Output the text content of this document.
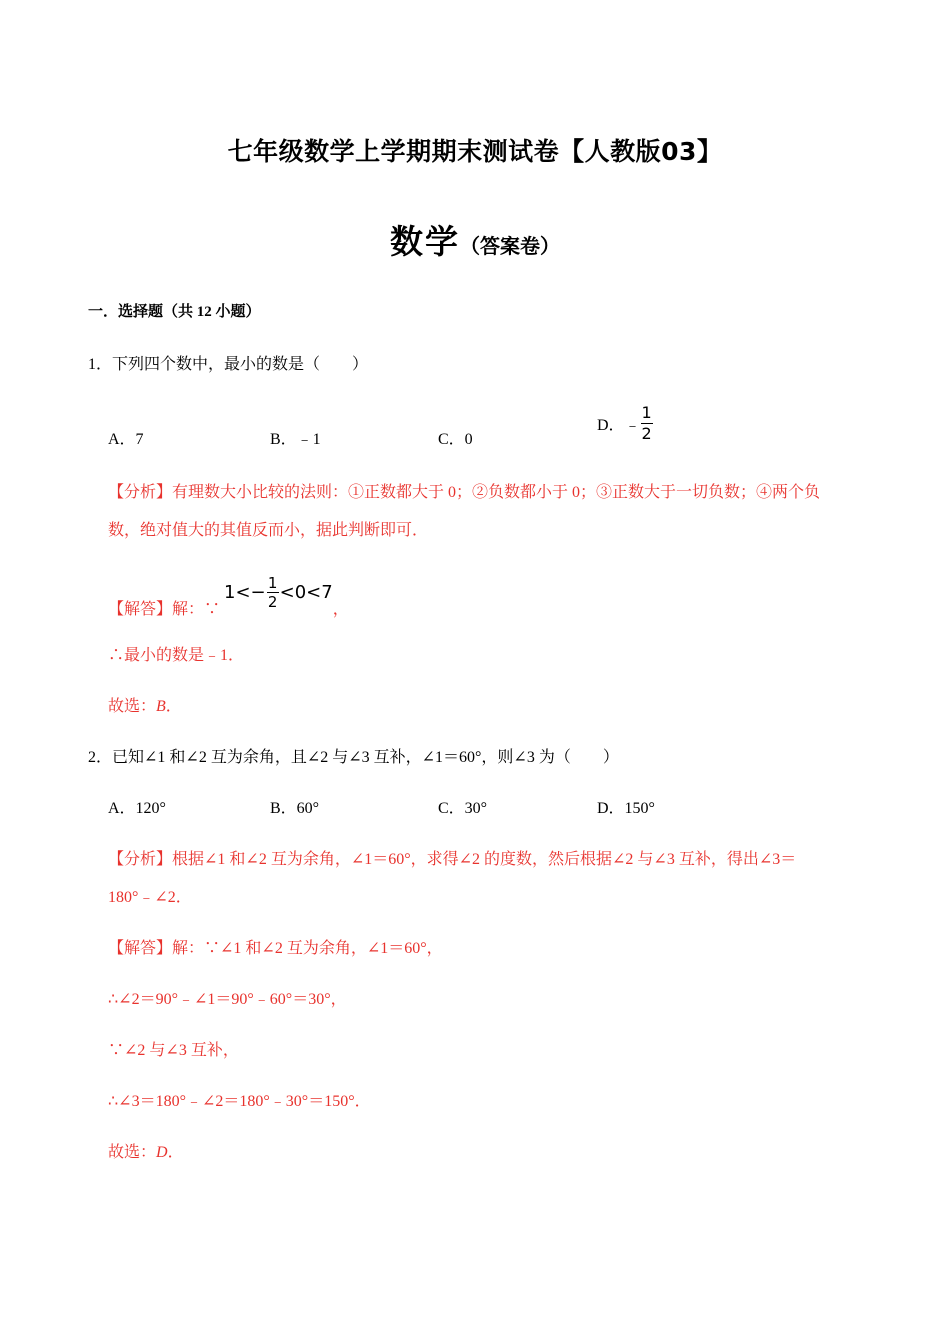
七年级数学上学期期末测试卷【人教版03】
数学（答案卷）
一．选择题（共 12 小题）
1．下列四个数中，最小的数是（　　）
A．7	B．﹣1	C．0
D．﹣ $\frac{1}{2}$
【分析】有理数大小比较的法则：①正数都大于 0；②负数都小于 0；③正数大于一切负数；④两个负
数，绝对值大的其值反而小，据此判断即可．
【解答】解：∵
$1<- \frac{1}{2} <0<7$
，
∴最小的数是﹣1．
故选：B．
2．已知∠1 和∠2 互为余角，且∠2 与∠3 互补，∠1＝60°，则∠3 为（　　）
A．120°	B．60°	C．30°	D．150°
【分析】根据∠1 和∠2 互为余角，∠1＝60°，求得∠2 的度数，然后根据∠2 与∠3 互补，得出∠3＝
180°﹣∠2．
【解答】解：∵∠1 和∠2 互为余角，∠1＝60°，
∴∠2＝90°﹣∠1＝90°﹣60°＝30°，
∵∠2 与∠3 互补，
∴∠3＝180°﹣∠2＝180°﹣30°＝150°．
故选：D．
